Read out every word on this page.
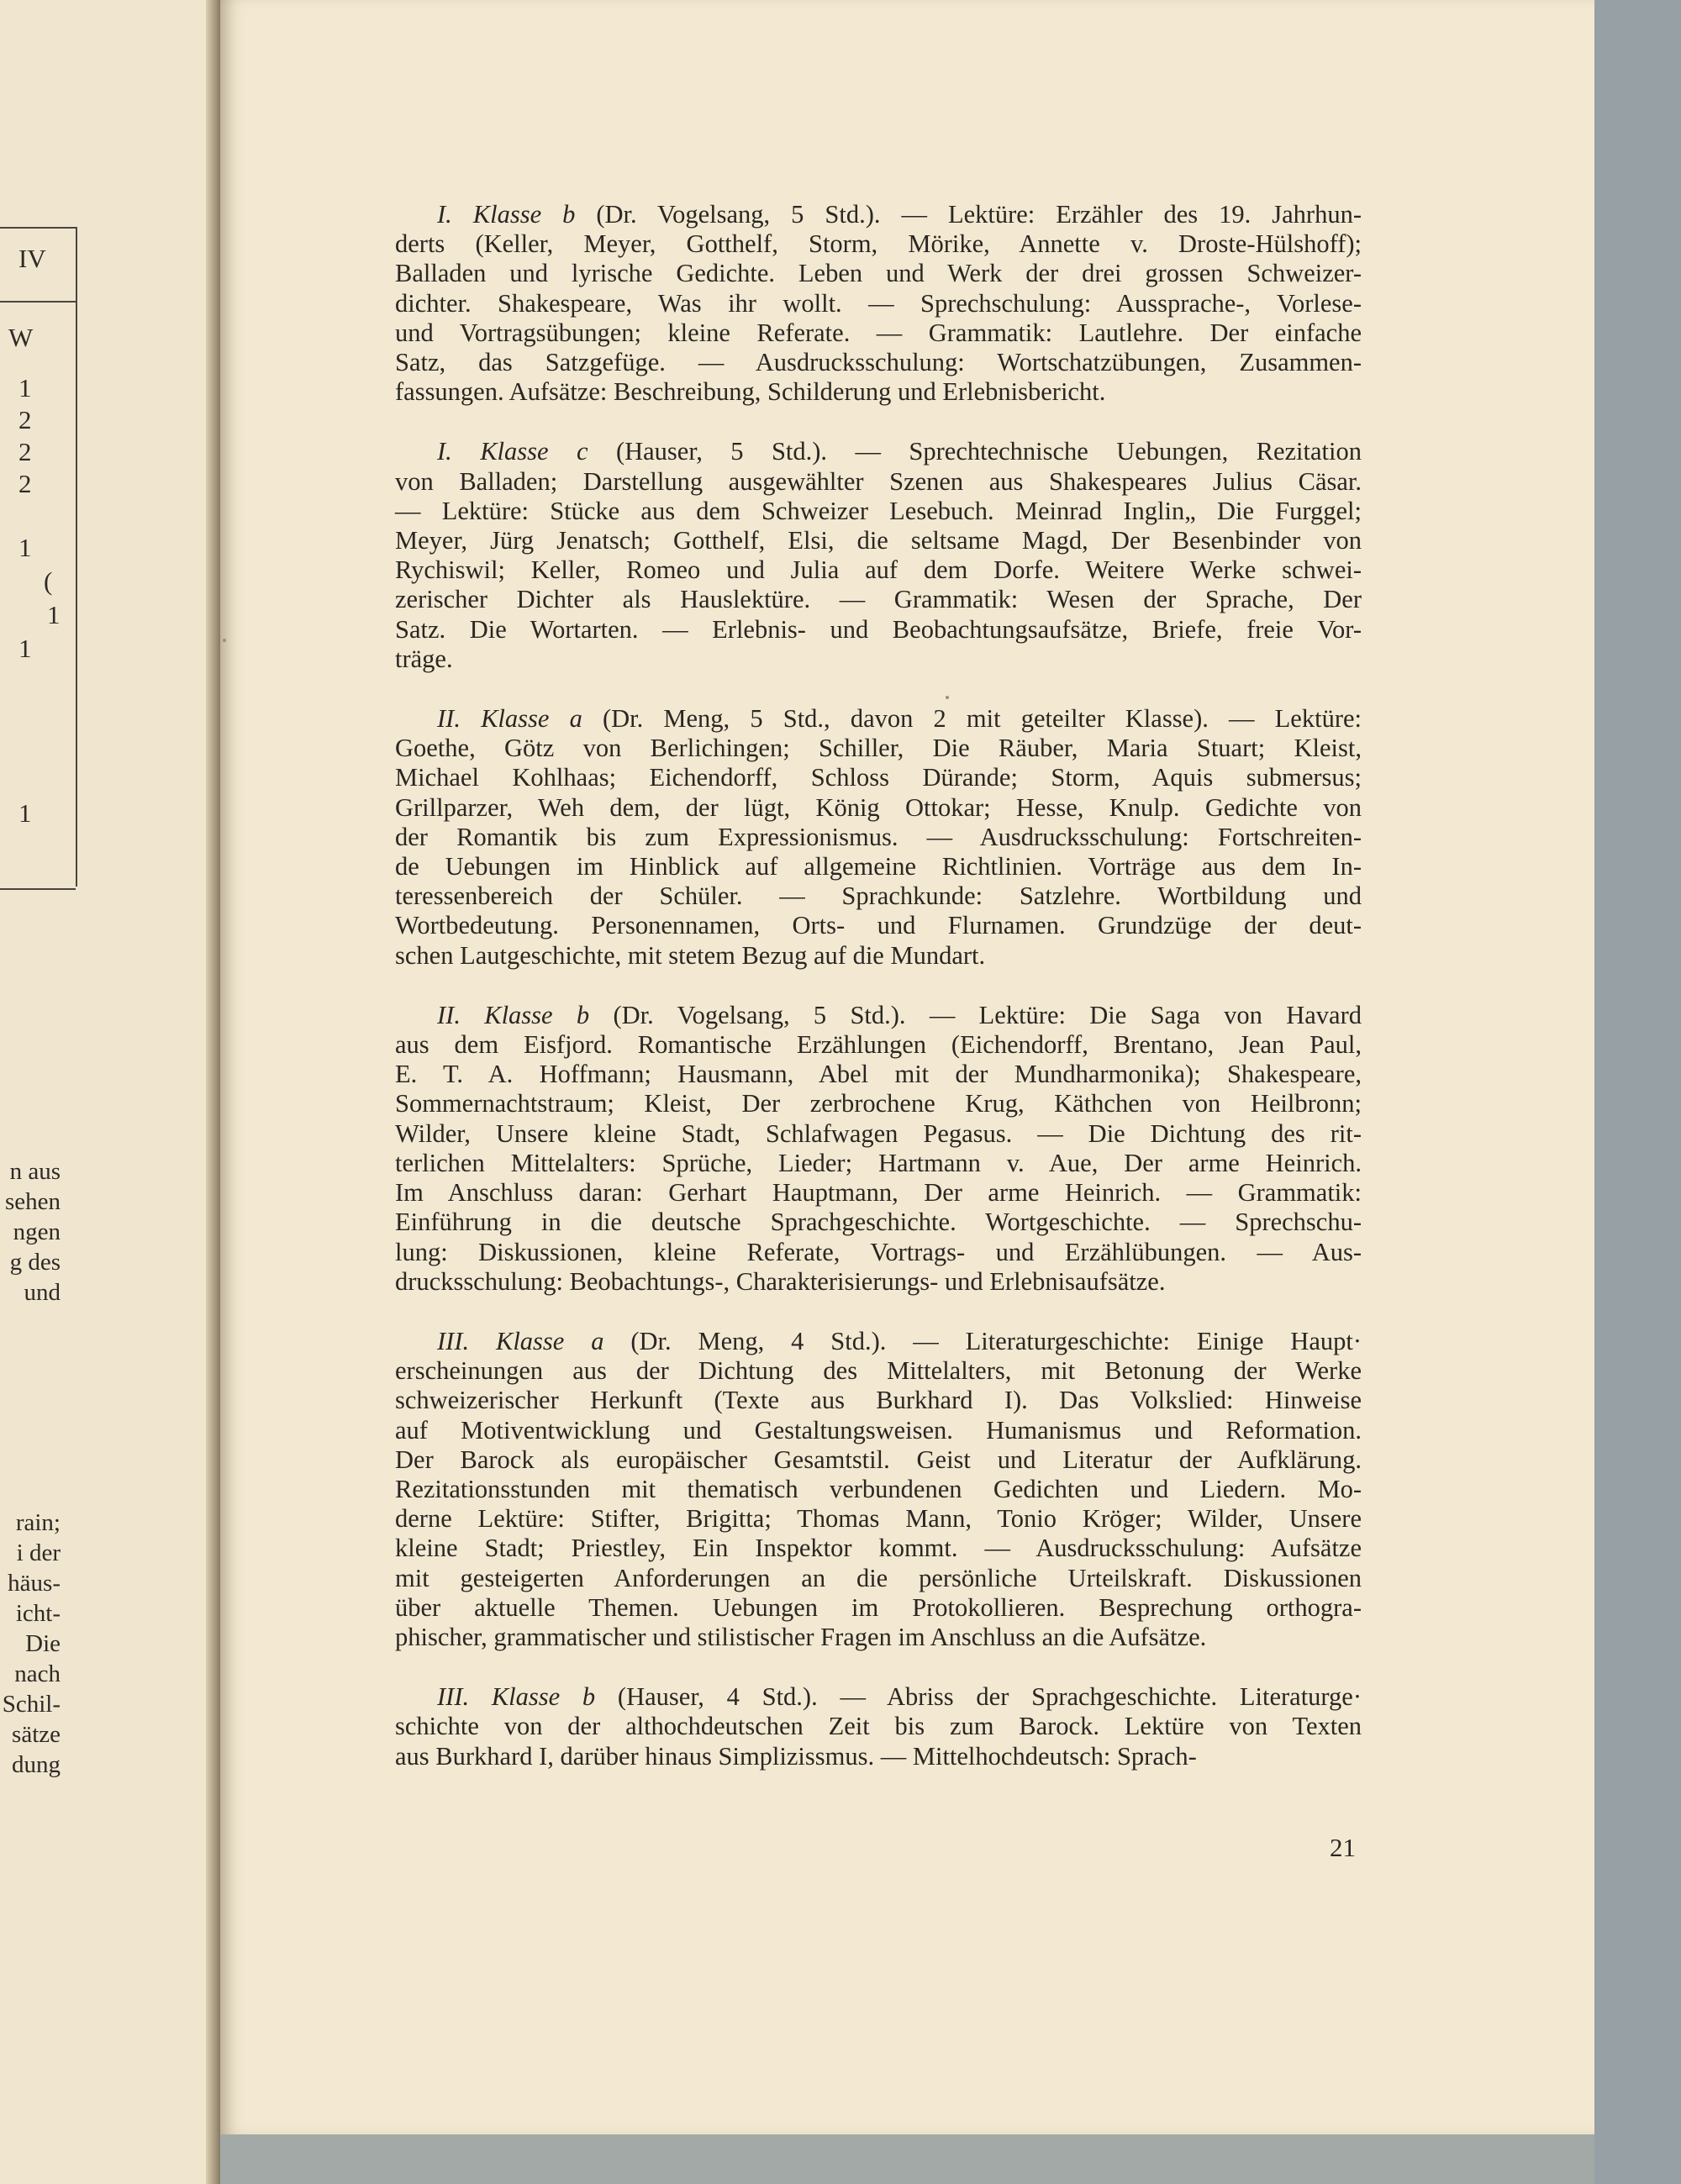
IV
W
1
2
2
2
1
(
1
1
1
n aus
sehen
ngen
g des
und
rain;
i der
häus-
icht-
Die
nach
Schil-
sätze
dung
I. Klasse b (Dr. Vogelsang, 5 Std.). — Lektüre: Erzähler des 19. Jahrhun-
derts (Keller, Meyer, Gotthelf, Storm, Mörike, Annette v. Droste-Hülshoff);
Balladen und lyrische Gedichte. Leben und Werk der drei grossen Schweizer-
dichter. Shakespeare, Was ihr wollt. — Sprechschulung: Aussprache-, Vorlese-
und Vortragsübungen; kleine Referate. — Grammatik: Lautlehre. Der einfache
Satz, das Satzgefüge. — Ausdrucksschulung: Wortschatzübungen, Zusammen-
fassungen. Aufsätze: Beschreibung, Schilderung und Erlebnisbericht.
I. Klasse c (Hauser, 5 Std.). — Sprechtechnische Uebungen, Rezitation
von Balladen; Darstellung ausgewählter Szenen aus Shakespeares Julius Cäsar.
— Lektüre: Stücke aus dem Schweizer Lesebuch. Meinrad Inglin„ Die Furggel;
Meyer, Jürg Jenatsch; Gotthelf, Elsi, die seltsame Magd, Der Besenbinder von
Rychiswil; Keller, Romeo und Julia auf dem Dorfe. Weitere Werke schwei-
zerischer Dichter als Hauslektüre. — Grammatik: Wesen der Sprache, Der
Satz. Die Wortarten. — Erlebnis- und Beobachtungsaufsätze, Briefe, freie Vor-
träge.
II. Klasse a (Dr. Meng, 5 Std., davon 2 mit geteilter Klasse). — Lektüre:
Goethe, Götz von Berlichingen; Schiller, Die Räuber, Maria Stuart; Kleist,
Michael Kohlhaas; Eichendorff, Schloss Dürande; Storm, Aquis submersus;
Grillparzer, Weh dem, der lügt, König Ottokar; Hesse, Knulp. Gedichte von
der Romantik bis zum Expressionismus. — Ausdrucksschulung: Fortschreiten-
de Uebungen im Hinblick auf allgemeine Richtlinien. Vorträge aus dem In-
teressenbereich der Schüler. — Sprachkunde: Satzlehre. Wortbildung und
Wortbedeutung. Personennamen, Orts- und Flurnamen. Grundzüge der deut-
schen Lautgeschichte, mit stetem Bezug auf die Mundart.
II. Klasse b (Dr. Vogelsang, 5 Std.). — Lektüre: Die Saga von Havard
aus dem Eisfjord. Romantische Erzählungen (Eichendorff, Brentano, Jean Paul,
E. T. A. Hoffmann; Hausmann, Abel mit der Mundharmonika); Shakespeare,
Sommernachtstraum; Kleist, Der zerbrochene Krug, Käthchen von Heilbronn;
Wilder, Unsere kleine Stadt, Schlafwagen Pegasus. — Die Dichtung des rit-
terlichen Mittelalters: Sprüche, Lieder; Hartmann v. Aue, Der arme Heinrich.
Im Anschluss daran: Gerhart Hauptmann, Der arme Heinrich. — Grammatik:
Einführung in die deutsche Sprachgeschichte. Wortgeschichte. — Sprechschu-
lung: Diskussionen, kleine Referate, Vortrags- und Erzählübungen. — Aus-
drucksschulung: Beobachtungs-, Charakterisierungs- und Erlebnisaufsätze.
III. Klasse a (Dr. Meng, 4 Std.). — Literaturgeschichte: Einige Haupt·
erscheinungen aus der Dichtung des Mittelalters, mit Betonung der Werke
schweizerischer Herkunft (Texte aus Burkhard I). Das Volkslied: Hinweise
auf Motiventwicklung und Gestaltungsweisen. Humanismus und Reformation.
Der Barock als europäischer Gesamtstil. Geist und Literatur der Aufklärung.
Rezitationsstunden mit thematisch verbundenen Gedichten und Liedern. Mo-
derne Lektüre: Stifter, Brigitta; Thomas Mann, Tonio Kröger; Wilder, Unsere
kleine Stadt; Priestley, Ein Inspektor kommt. — Ausdrucksschulung: Aufsätze
mit gesteigerten Anforderungen an die persönliche Urteilskraft. Diskussionen
über aktuelle Themen. Uebungen im Protokollieren. Besprechung orthogra-
phischer, grammatischer und stilistischer Fragen im Anschluss an die Aufsätze.
III. Klasse b (Hauser, 4 Std.). — Abriss der Sprachgeschichte. Literaturge·
schichte von der althochdeutschen Zeit bis zum Barock. Lektüre von Texten
aus Burkhard I, darüber hinaus Simplizissmus. — Mittelhochdeutsch: Sprach-
21
